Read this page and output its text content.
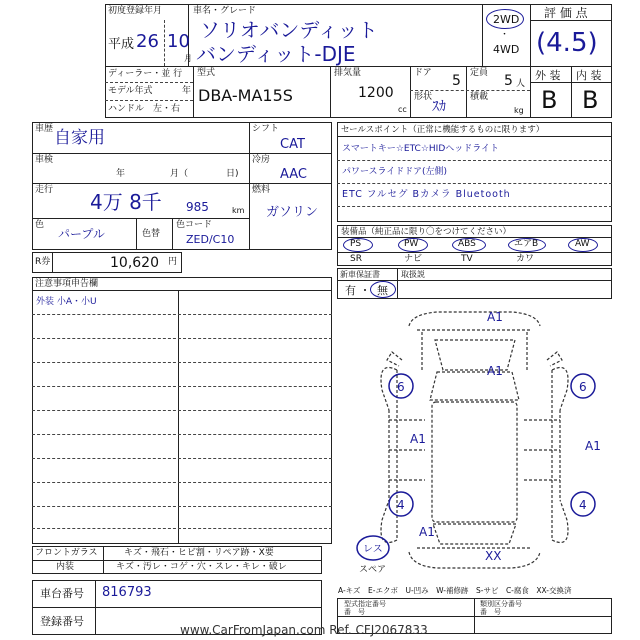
初度登録年月
平成 26 10
月
車名・グレード
ソリオバンディット
バンディット-DJE
2WD
・
4WD
評 価 点
(4.5)
ディーラー・並 行
モデル年式	年
ハンドル　左・右
型式
DBA-MA15S
排気量
1200
cc
ドア 5 定員 5 人
形状
ｽｶ
積載
kg
外 装 内 装
B B
車歴 自家用
車検
年	月（	日)
走行 4万 8千 985	km
色
パープル	色替
色コード
ZED/C10
シフト
CAT
冷房
AAC
燃料
ガソリン
R券	10,620 円
セールスポイント（正常に機能するものに限ります）
スマートキー☆ETC☆HIDヘッドライト
パワースライドドア(左側)
ETC フルセグ Bカメラ Bluetooth
装備品（純正品に限り〇をつけてください）
PS	PW	ABS	エアB	AW
SR	ナビ	TV	カワ
新車保証書	取扱説
有 ・ 無
注意事項申告欄
外装 小A・小U
A1
A1
6	6
A1	A1
4	4
A1
XX
レス
スペア
フロントガラス	キズ・飛石・ヒビ割・リペア跡・X要
内装	キズ・汚レ・コゲ・穴・スレ・キレ・破レ
車台番号 816793
登録番号
A-キズ　E-エクボ　U-凹み　W-補修跡　S-サビ　C-腐食　XX-交換済
型式指定番号
番　号
類別区分番号
番　号
www.CarFromJapan.com Ref. CFJ2067833
